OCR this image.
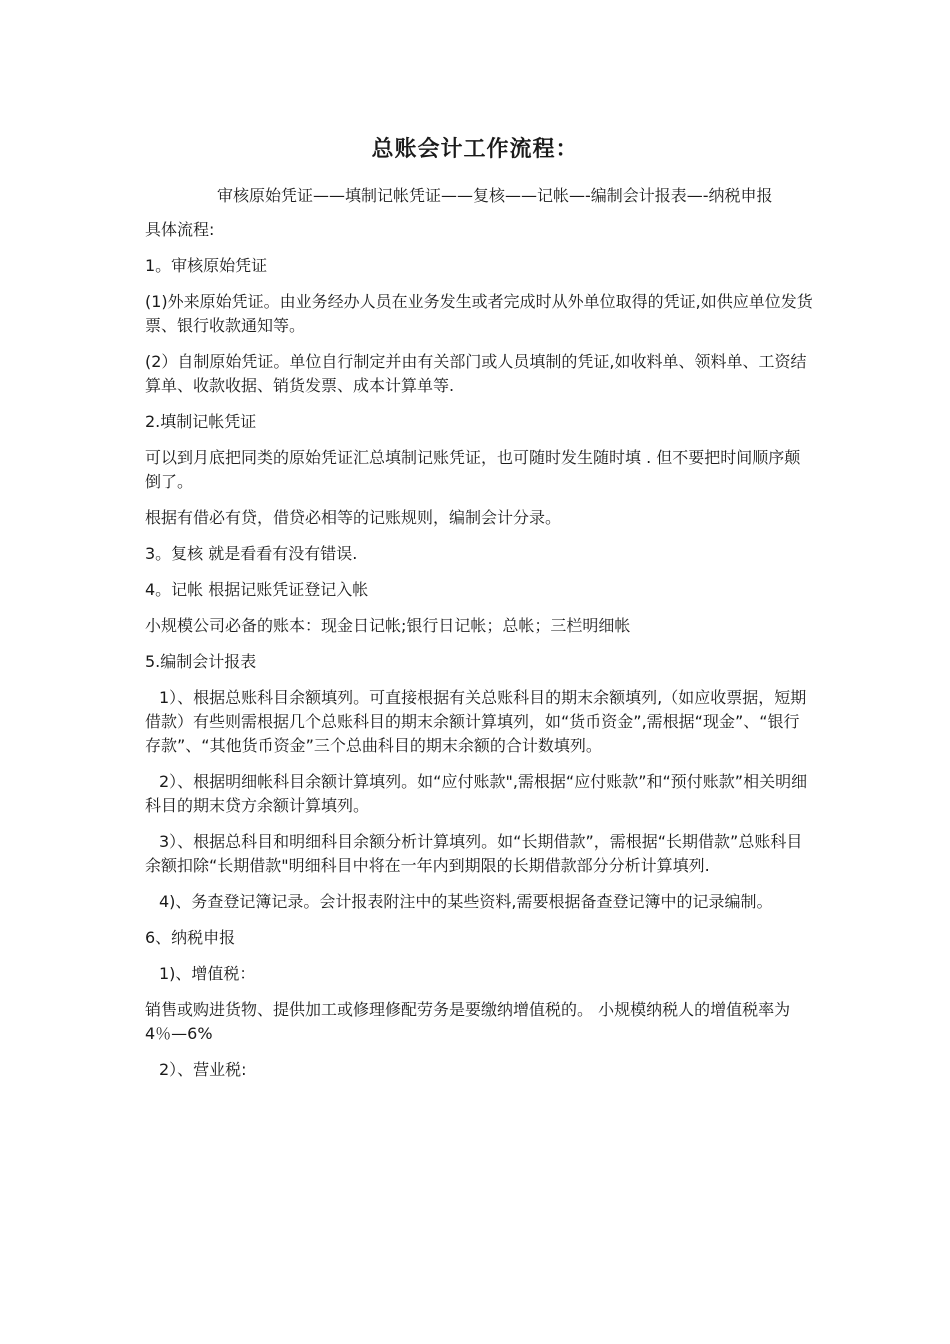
总账会计工作流程：

审核原始凭证——填制记帐凭证——复核——记帐—-编制会计报表—-纳税申报

具体流程:

1。审核原始凭证

(1)外来原始凭证。由业务经办人员在业务发生或者完成时从外单位取得的凭证,如供应单位发货票、银行收款通知等。

(2）自制原始凭证。单位自行制定并由有关部门或人员填制的凭证,如收料单、领料单、工资结算单、收款收据、销货发票、成本计算单等.

2.填制记帐凭证

可以到月底把同类的原始凭证汇总填制记账凭证，也可随时发生随时填 . 但不要把时间顺序颠倒了。

根据有借必有贷，借贷必相等的记账规则，编制会计分录。

3。复核 就是看看有没有错误.

4。记帐 根据记账凭证登记入帐

小规模公司必备的账本：现金日记帐;银行日记帐；总帐；三栏明细帐

5.编制会计报表

1）、根据总账科目余额填列。可直接根据有关总账科目的期末余额填列,（如应收票据，短期借款）有些则需根据几个总账科目的期末余额计算填列，如“货币资金”,需根据“现金”、“银行存款”、“其他货币资金”三个总曲科目的期末余额的合计数填列。

2）、根据明细帐科目余额计算填列。如“应付账款",需根据“应付账款”和“预付账款”相关明细科目的期末贷方余额计算填列。

3）、根据总科目和明细科目余额分析计算填列。如“长期借款”，需根据“长期借款”总账科目余额扣除“长期借款"明细科目中将在一年内到期限的长期借款部分分析计算填列.

4)、务查登记簿记录。会计报表附注中的某些资料,需要根据备查登记簿中的记录编制。

6、纳税申报

1)、增值税：

销售或购进货物、提供加工或修理修配劳务是要缴纳增值税的。 小规模纳税人的增值税率为 4％—6%

2）、营业税:
